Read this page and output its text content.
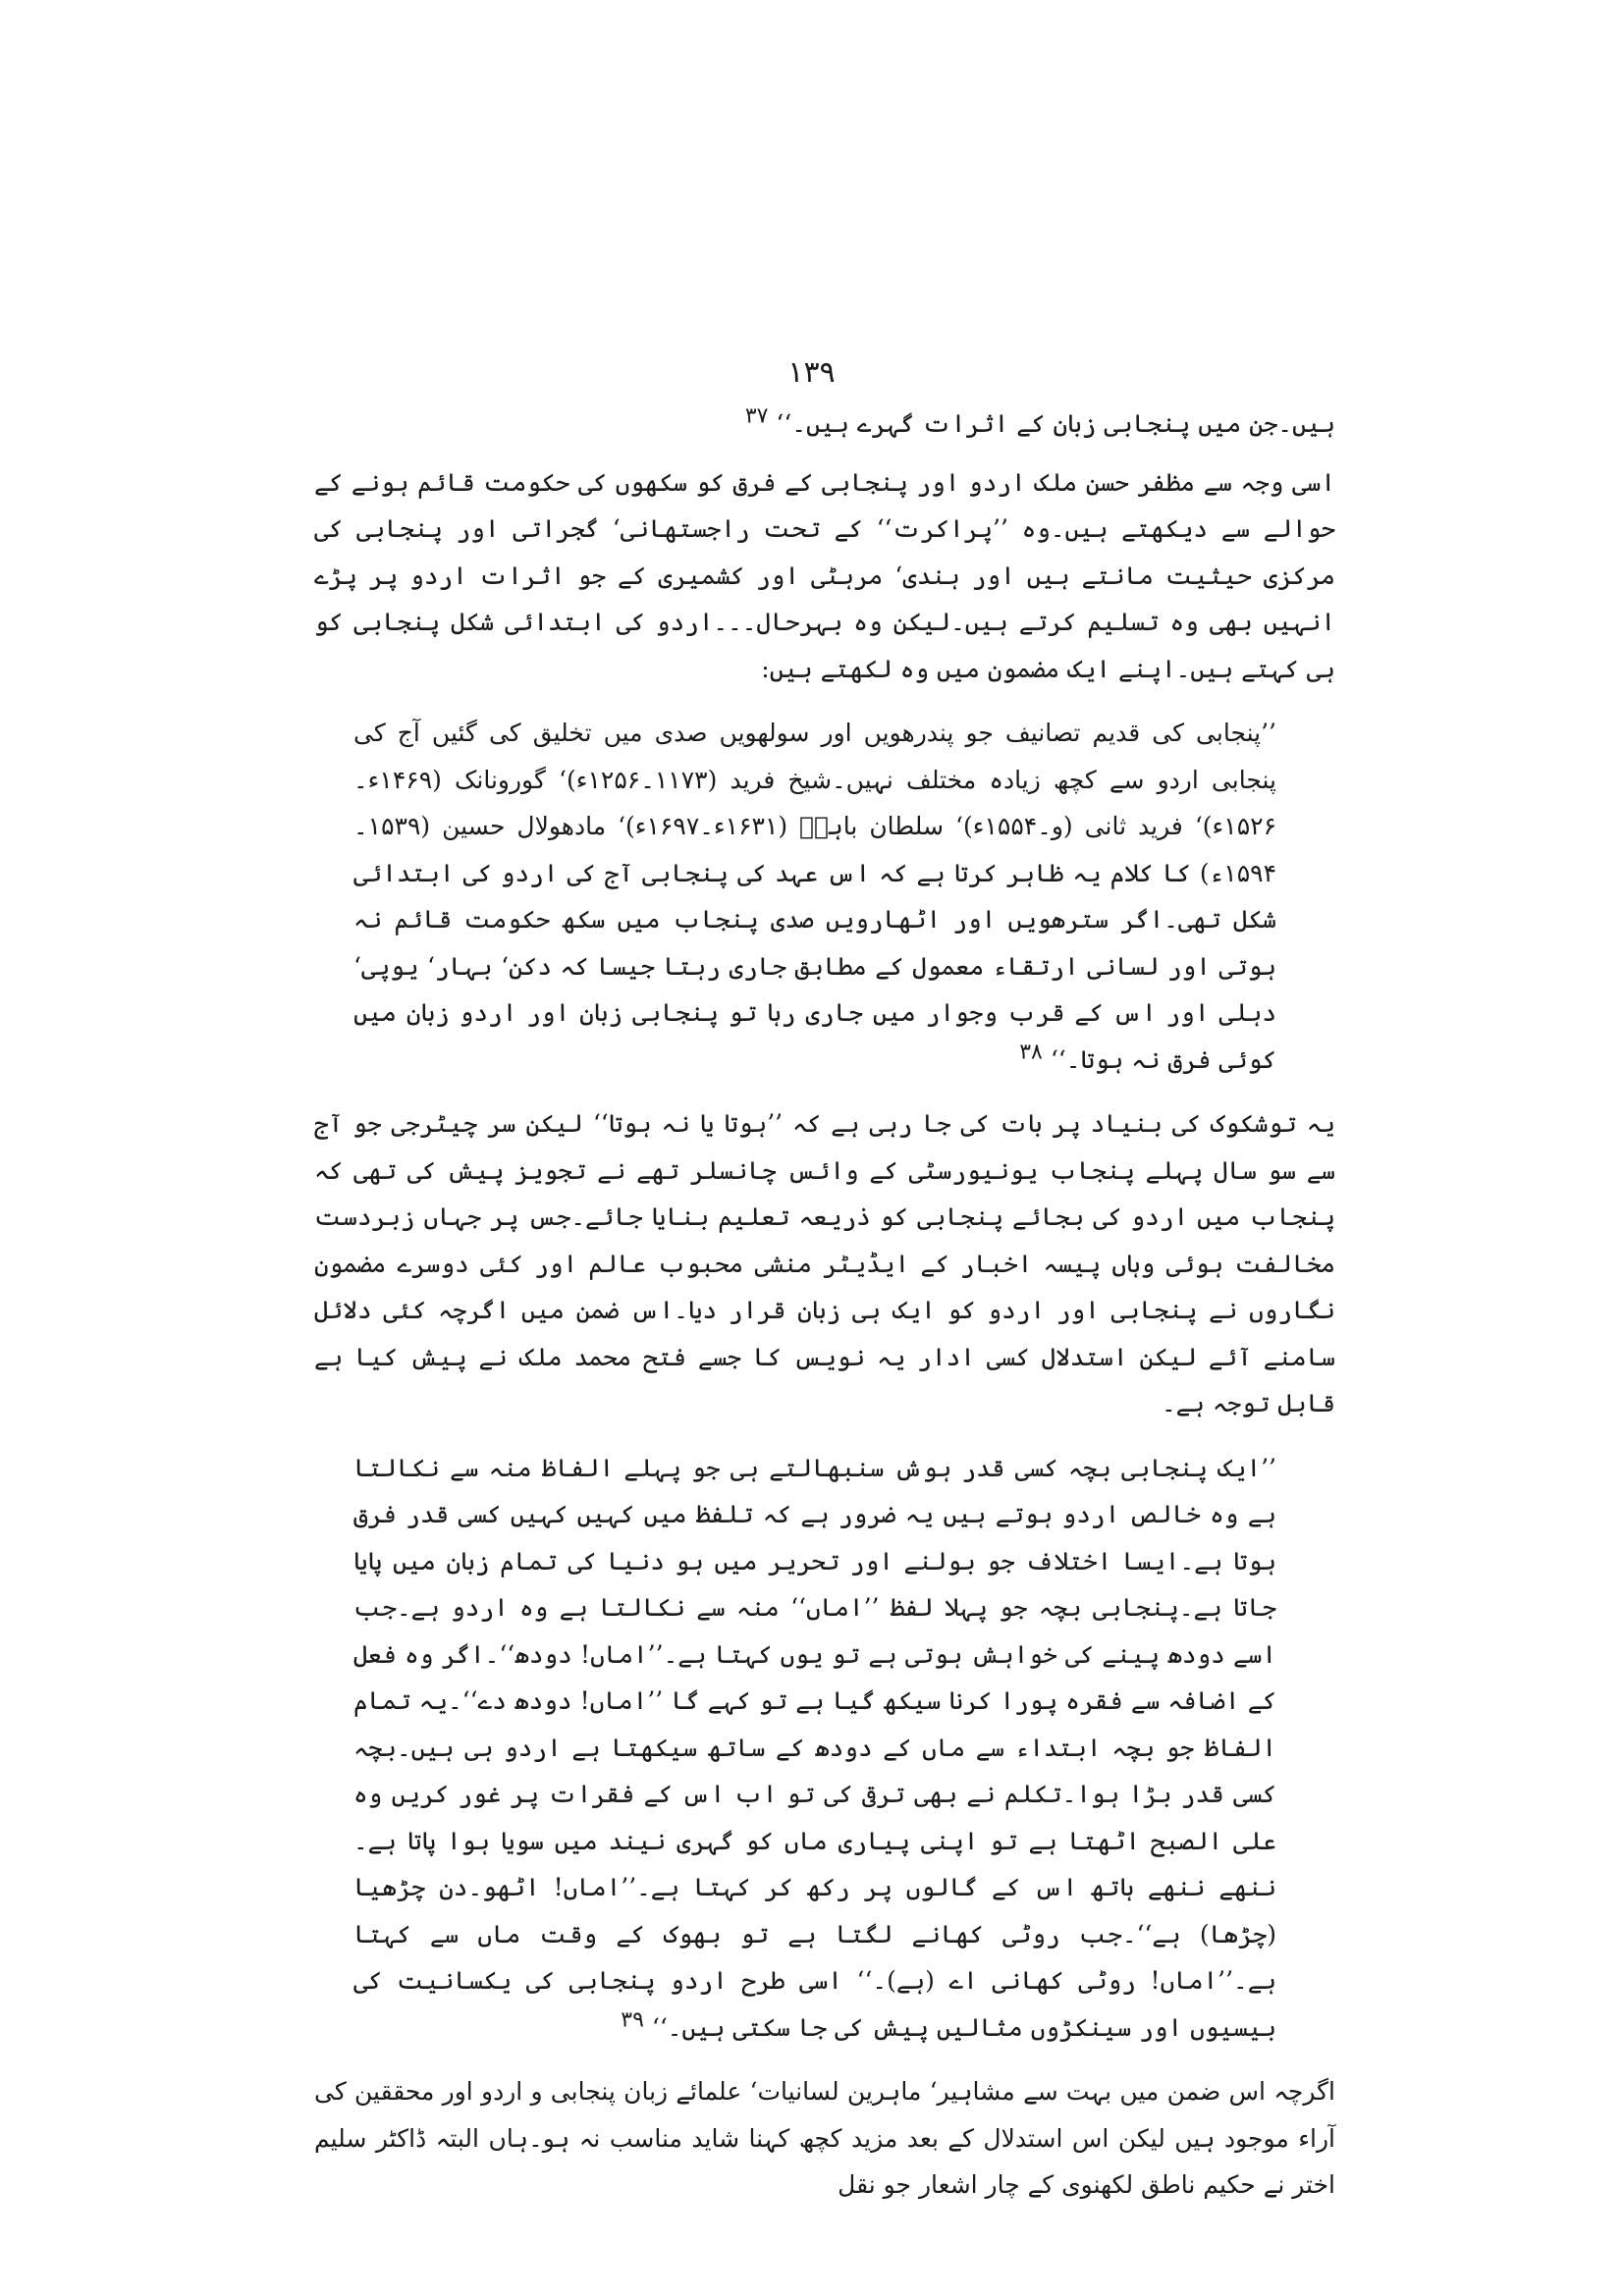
۱۳۹

ہیں۔جن میں پنجابی زبان کے اثرات گہرے ہیں۔‘‘ ۳۷

اسی وجہ سے مظفر حسن ملک اردو اور پنجابی کے فرق کو سکھوں کی حکومت قائم ہونے کے حوالے سے دیکھتے ہیں۔وہ ’’پراکرت‘‘ کے تحت راجستھانی‘ گجراتی اور پنجابی کی مرکزی حیثیت مانتے ہیں اور ہندی‘ مرہٹی اور کشمیری کے جو اثرات اردو پر پڑے انہیں بھی وہ تسلیم کرتے ہیں۔لیکن وہ بہرحال۔۔۔اردو کی ابتدائی شکل پنجابی کو ہی کہتے ہیں۔اپنے ایک مضمون میں وہ لکھتے ہیں:

’’پنجابی کی قدیم تصانیف جو پندرھویں اور سولھویں صدی میں تخلیق کی گئیں آج کی پنجابی اردو سے کچھ زیادہ مختلف نہیں۔شیخ فرید (۱۱۷۳۔۱۲۵۶ء)‘ گورونانک (۱۴۶۹ء۔۱۵۲۶ء)‘ فرید ثانی (و۔۱۵۵۴ء)‘ سلطان باہوؒ (۱۶۳۱ء۔۱۶۹۷ء)‘ مادھولال حسین (۱۵۳۹۔۱۵۹۴ء) کا کلام یہ ظاہر کرتا ہے کہ اس عہد کی پنجابی آج کی اردو کی ابتدائی شکل تھی۔اگر سترھویں اور اٹھارویں صدی پنجاب میں سکھ حکومت قائم نہ ہوتی اور لسانی ارتقاء معمول کے مطابق جاری رہتا جیسا کہ دکن‘ بہار‘ یوپی‘ دہلی اور اس کے قرب وجوار میں جاری رہا تو پنجابی زبان اور اردو زبان میں کوئی فرق نہ ہوتا۔‘‘ ۳۸

یہ توشکوک کی بنیاد پر بات کی جا رہی ہے کہ ’’ہوتا یا نہ ہوتا‘‘ لیکن سر چیٹرجی جو آج سے سو سال پہلے پنجاب یونیورسٹی کے وائس چانسلر تھے نے تجویز پیش کی تھی کہ پنجاب میں اردو کی بجائے پنجابی کو ذریعہ تعلیم بنایا جائے۔جس پر جہاں زبردست مخالفت ہوئی وہاں پیسہ اخبار کے ایڈیٹر منشی محبوب عالم اور کئی دوسرے مضمون نگاروں نے پنجابی اور اردو کو ایک ہی زبان قرار دیا۔اس ضمن میں اگرچہ کئی دلائل سامنے آئے لیکن استدلال کسی ادار یہ نویس کا جسے فتح محمد ملک نے پیش کیا ہے قابل توجہ ہے۔

’’ایک پنجابی بچہ کسی قدر ہوش سنبھالتے ہی جو پہلے الفاظ منہ سے نکالتا ہے وہ خالص اردو ہوتے ہیں یہ ضرور ہے کہ تلفظ میں کہیں کہیں کسی قدر فرق ہوتا ہے۔ایسا اختلاف جو بولنے اور تحریر میں ہو دنیا کی تمام زبان میں پایا جاتا ہے۔پنجابی بچہ جو پہلا لفظ ’’اماں‘‘ منہ سے نکالتا ہے وہ اردو ہے۔جب اسے دودھ پینے کی خواہش ہوتی ہے تو یوں کہتا ہے۔’’اماں! دودھ‘‘۔اگر وہ فعل کے اضافہ سے فقرہ پورا کرنا سیکھ گیا ہے تو کہے گا ’’اماں! دودھ دے‘‘۔یہ تمام الفاظ جو بچہ ابتداء سے ماں کے دودھ کے ساتھ سیکھتا ہے اردو ہی ہیں۔بچہ کسی قدر بڑا ہوا۔تکلم نے بھی ترقی کی تو اب اس کے فقرات پر غور کریں وہ علی الصبح اٹھتا ہے تو اپنی پیاری ماں کو گہری نیند میں سویا ہوا پاتا ہے۔ننھے ننھے ہاتھ اس کے گالوں پر رکھ کر کہتا ہے۔’’اماں! اٹھو۔دن چڑھیا (چڑھا) ہے‘‘۔جب روٹی کھانے لگتا ہے تو بھوک کے وقت ماں سے کہتا ہے۔’’اماں! روٹی کھانی اے (ہے)۔‘‘ اسی طرح اردو پنجابی کی یکسانیت کی بیسیوں اور سینکڑوں مثالیں پیش کی جا سکتی ہیں۔‘‘ ۳۹

اگرچہ اس ضمن میں بہت سے مشاہیر‘ ماہرین لسانیات‘ علمائے زبان پنجابی و اردو اور محققین کی آراء موجود ہیں لیکن اس استدلال کے بعد مزید کچھ کہنا شاید مناسب نہ ہو۔ہاں البتہ ڈاکٹر سلیم اختر نے حکیم ناطق لکھنوی کے چار اشعار جو نقل
